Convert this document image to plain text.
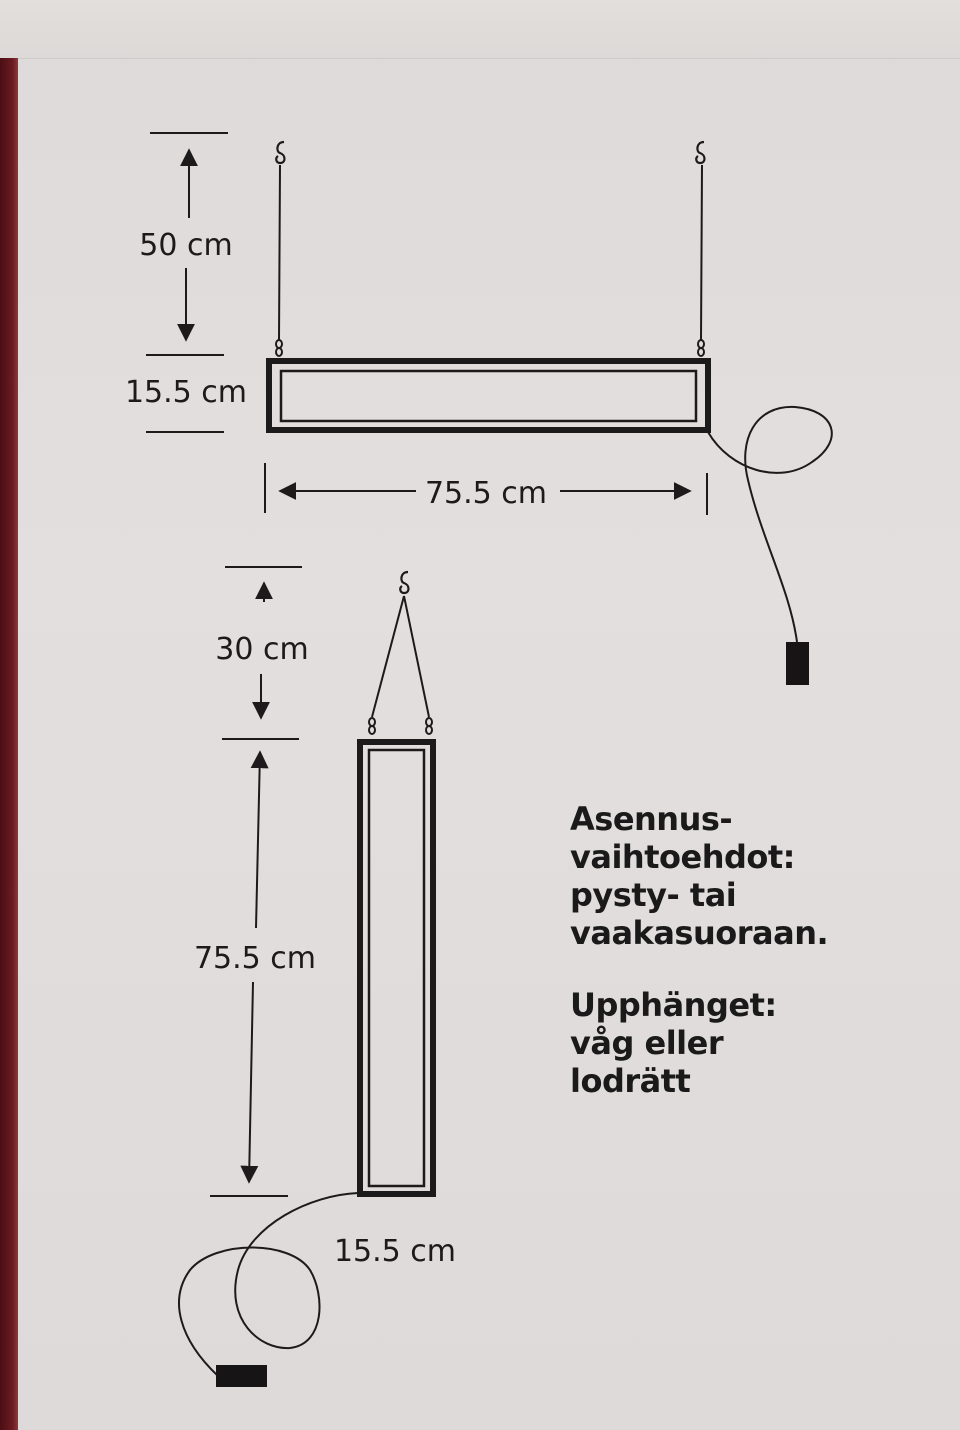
50 cm
15.5 cm
75.5 cm
30 cm
75.5 cm
15.5 cm
Asennus-
vaihtoehdot:
pysty- tai
vaakasuoraan.
Upphänget:
våg eller
lodrätt
